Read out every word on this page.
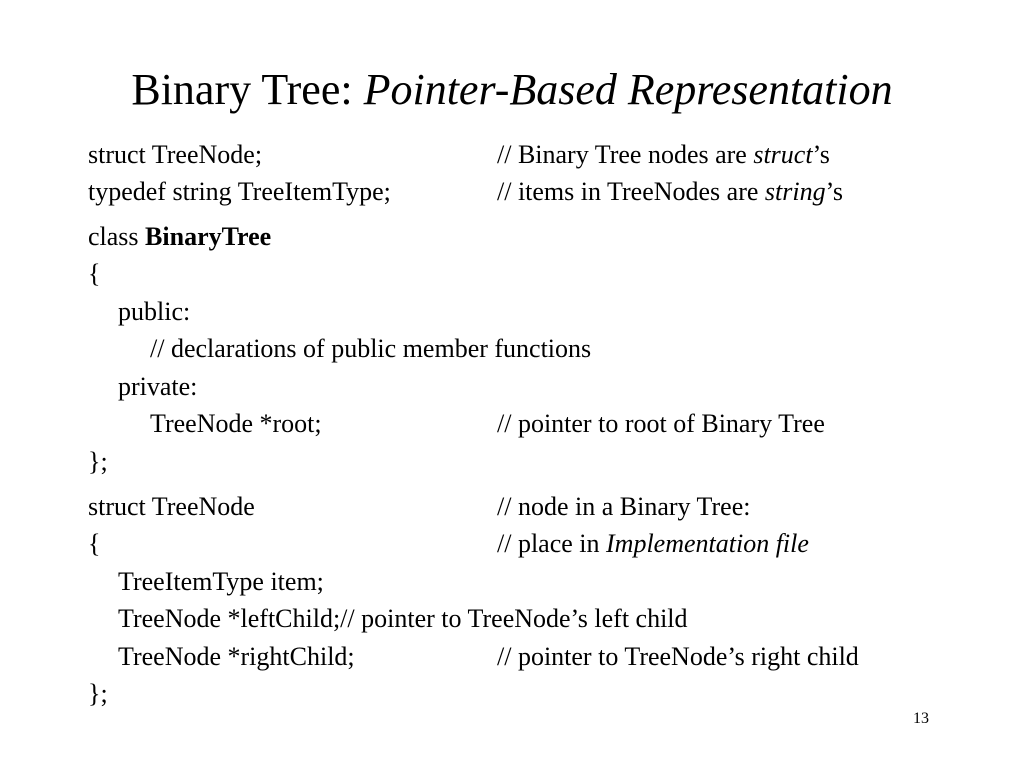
Binary Tree: Pointer-Based Representation
struct TreeNode;	// Binary Tree nodes are struct’s
typedef string TreeItemType;	// items in TreeNodes are string’s
class BinaryTree
{
public:
// declarations of public member functions
private:
TreeNode *root;	// pointer to root of Binary Tree
};
struct TreeNode	// node in a Binary Tree:
{	// place in Implementation file
TreeItemType item;
TreeNode *leftChild;// pointer to TreeNode’s left child
TreeNode *rightChild;	// pointer to TreeNode’s right child
};
13
